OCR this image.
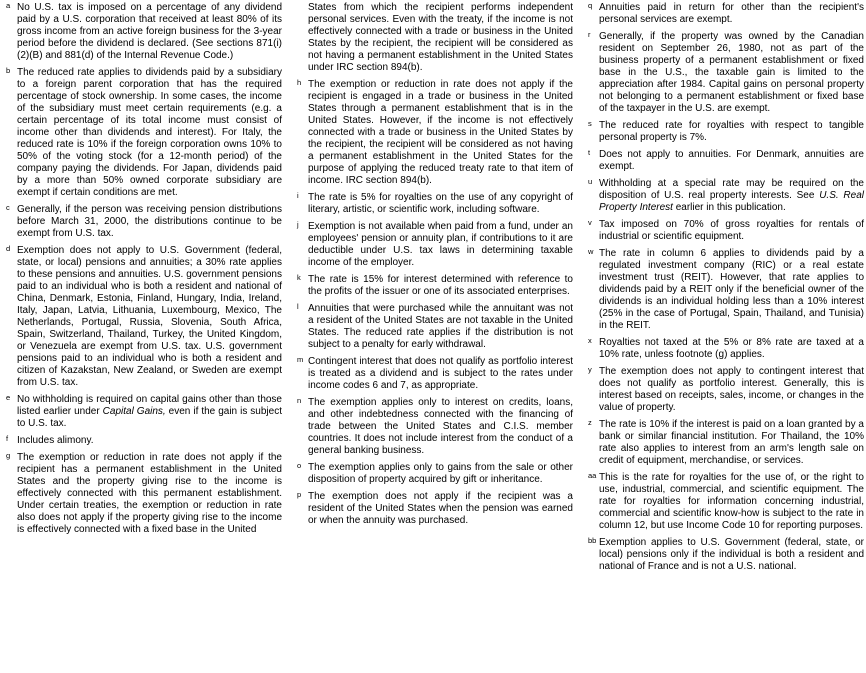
a No U.S. tax is imposed on a percentage of any dividend paid by a U.S. corporation that received at least 80% of its gross income from an active foreign business for the 3-year period before the dividend is declared. (See sections 871(i)(2)(B) and 881(d) of the Internal Revenue Code.)

b The reduced rate applies to dividends paid by a subsidiary to a foreign parent corporation that has the required percentage of stock ownership. In some cases, the income of the subsidiary must meet certain requirements (e.g. a certain percentage of its total income must consist of income other than dividends and interest). For Italy, the reduced rate is 10% if the foreign corporation owns 10% to 50% of the voting stock (for a 12-month period) of the company paying the dividends. For Japan, dividends paid by a more than 50% owned corporate subsidiary are exempt if certain conditions are met.

c Generally, if the person was receiving pension distributions before March 31, 2000, the distributions continue to be exempt from U.S. tax.

d Exemption does not apply to U.S. Government (federal, state, or local) pensions and annuities; a 30% rate applies to these pensions and annuities. U.S. government pensions paid to an individual who is both a resident and national of China, Denmark, Estonia, Finland, Hungary, India, Ireland, Italy, Japan, Latvia, Lithuania, Luxembourg, Mexico, The Netherlands, Portugal, Russia, Slovenia, South Africa, Spain, Switzerland, Thailand, Turkey, the United Kingdom, or Venezuela are exempt from U.S. tax. U.S. government pensions paid to an individual who is both a resident and citizen of Kazakstan, New Zealand, or Sweden are exempt from U.S. tax.

e No withholding is required on capital gains other than those listed earlier under Capital Gains, even if the gain is subject to U.S. tax.

f Includes alimony.

g The exemption or reduction in rate does not apply if the recipient has a permanent establishment in the United States and the property giving rise to the income is effectively connected with this permanent establishment. Under certain treaties, the exemption or reduction in rate also does not apply if the property giving rise to the income is effectively connected with a fixed base in the United

States from which the recipient performs independent personal services. Even with the treaty, if the income is not effectively connected with a trade or business in the United States by the recipient, the recipient will be considered as not having a permanent establishment in the United States under IRC section 894(b).

h The exemption or reduction in rate does not apply if the recipient is engaged in a trade or business in the United States through a permanent establishment that is in the United States. However, if the income is not effectively connected with a trade or business in the United States by the recipient, the recipient will be considered as not having a permanent establishment in the United States for the purpose of applying the reduced treaty rate to that item of income. IRC section 894(b).

i The rate is 5% for royalties on the use of any copyright of literary, artistic, or scientific work, including software.

j Exemption is not available when paid from a fund, under an employees' pension or annuity plan, if contributions to it are deductible under U.S. tax laws in determining taxable income of the employer.

k The rate is 15% for interest determined with reference to the profits of the issuer or one of its associated enterprises.

l Annuities that were purchased while the annuitant was not a resident of the United States are not taxable in the United States. The reduced rate applies if the distribution is not subject to a penalty for early withdrawal.

m Contingent interest that does not qualify as portfolio interest is treated as a dividend and is subject to the rates under income codes 6 and 7, as appropriate.

n The exemption applies only to interest on credits, loans, and other indebtedness connected with the financing of trade between the United States and C.I.S. member countries. It does not include interest from the conduct of a general banking business.

o The exemption applies only to gains from the sale or other disposition of property acquired by gift or inheritance.

p The exemption does not apply if the recipient was a resident of the United States when the pension was earned or when the annuity was purchased.

q Annuities paid in return for other than the recipient's personal services are exempt.

r Generally, if the property was owned by the Canadian resident on September 26, 1980, not as part of the business property of a permanent establishment or fixed base in the U.S., the taxable gain is limited to the appreciation after 1984. Capital gains on personal property not belonging to a permanent establishment or fixed base of the taxpayer in the U.S. are exempt.

s The reduced rate for royalties with respect to tangible personal property is 7%.

t Does not apply to annuities. For Denmark, annuities are exempt.

u Withholding at a special rate may be required on the disposition of U.S. real property interests. See U.S. Real Property Interest earlier in this publication.

v Tax imposed on 70% of gross royalties for rentals of industrial or scientific equipment.

w The rate in column 6 applies to dividends paid by a regulated investment company (RIC) or a real estate investment trust (REIT). However, that rate applies to dividends paid by a REIT only if the beneficial owner of the dividends is an individual holding less than a 10% interest (25% in the case of Portugal, Spain, Thailand, and Tunisia) in the REIT.

x Royalties not taxed at the 5% or 8% rate are taxed at a 10% rate, unless footnote (g) applies.

y The exemption does not apply to contingent interest that does not qualify as portfolio interest. Generally, this is interest based on receipts, sales, income, or changes in the value of property.

z The rate is 10% if the interest is paid on a loan granted by a bank or similar financial institution. For Thailand, the 10% rate also applies to interest from an arm's length sale on credit of equipment, merchandise, or services.

aa This is the rate for royalties for the use of, or the right to use, industrial, commercial, and scientific equipment. The rate for royalties for information concerning industrial, commercial and scientific know-how is subject to the rate in column 12, but use Income Code 10 for reporting purposes.

bb Exemption applies to U.S. Government (federal, state, or local) pensions only if the individual is both a resident and national of France and is not a U.S. national.
